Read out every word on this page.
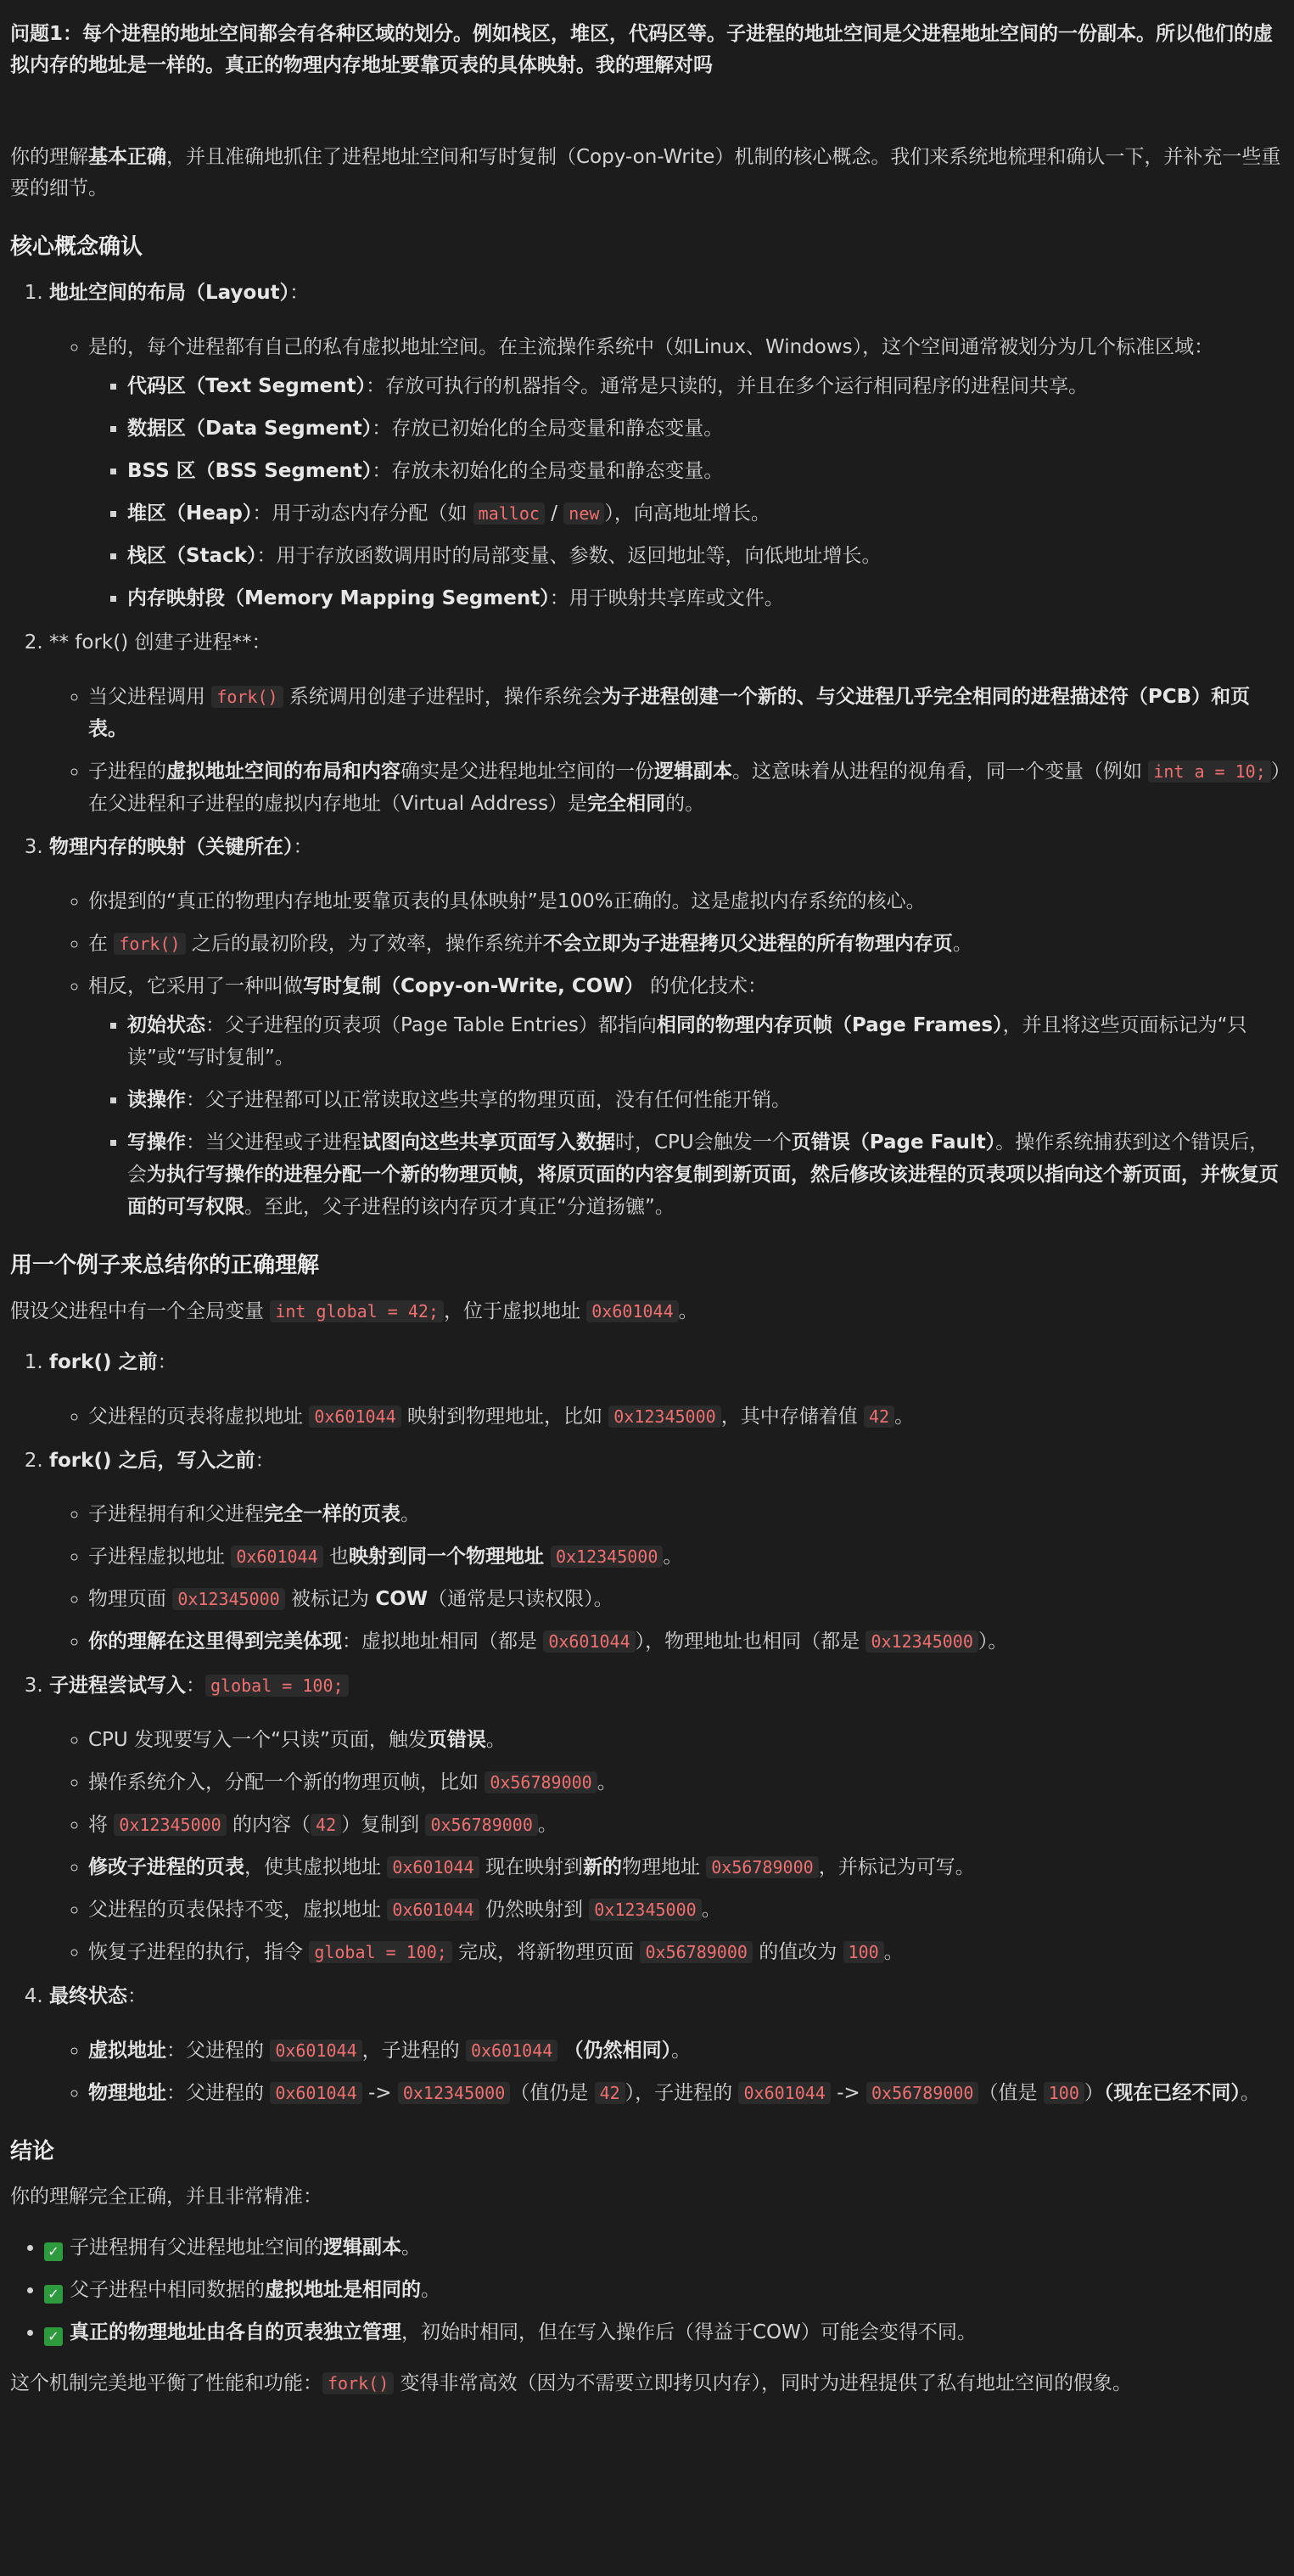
问题1：每个进程的地址空间都会有各种区域的划分。例如栈区，堆区，代码区等。子进程的地址空间是父进程地址空间的一份副本。所以他们的虚拟内存的地址是一样的。真正的物理内存地址要靠页表的具体映射。我的理解对吗

你的理解基本正确，并且准确地抓住了进程地址空间和写时复制（Copy-on-Write）机制的核心概念。我们来系统地梳理和确认一下，并补充一些重要的细节。

核心概念确认
1. 地址空间的布局（Layout）：
◦ 是的，每个进程都有自己的私有虚拟地址空间。在主流操作系统中（如Linux、Windows），这个空间通常被划分为几个标准区域：
▪ 代码区（Text Segment）：存放可执行的机器指令。通常是只读的，并且在多个运行相同程序的进程间共享。
▪ 数据区（Data Segment）：存放已初始化的全局变量和静态变量。
▪ BSS 区（BSS Segment）：存放未初始化的全局变量和静态变量。
▪ 堆区（Heap）：用于动态内存分配（如 malloc / new ），向高地址增长。
▪ 栈区（Stack）：用于存放函数调用时的局部变量、参数、返回地址等，向低地址增长。
▪ 内存映射段（Memory Mapping Segment）：用于映射共享库或文件。
2. ** fork() 创建子进程**：
◦ 当父进程调用 fork() 系统调用创建子进程时，操作系统会为子进程创建一个新的、与父进程几乎完全相同的进程描述符（PCB）和页表。
◦ 子进程的虚拟地址空间的布局和内容确实是父进程地址空间的一份逻辑副本。这意味着从进程的视角看，同一个变量（例如 int a = 10; ）在父进程和子进程的虚拟内存地址（Virtual Address）是完全相同的。
3. 物理内存的映射（关键所在）：
◦ 你提到的“真正的物理内存地址要靠页表的具体映射”是100%正确的。这是虚拟内存系统的核心。
◦ 在 fork() 之后的最初阶段，为了效率，操作系统并不会立即为子进程拷贝父进程的所有物理内存页。
◦ 相反，它采用了一种叫做写时复制（Copy-on-Write, COW） 的优化技术：
▪ 初始状态：父子进程的页表项（Page Table Entries）都指向相同的物理内存页帧（Page Frames），并且将这些页面标记为“只读”或“写时复制”。
▪ 读操作：父子进程都可以正常读取这些共享的物理页面，没有任何性能开销。
▪ 写操作：当父进程或子进程试图向这些共享页面写入数据时，CPU会触发一个页错误（Page Fault）。操作系统捕获到这个错误后，会为执行写操作的进程分配一个新的物理页帧，将原页面的内容复制到新页面，然后修改该进程的页表项以指向这个新页面，并恢复页面的可写权限。至此，父子进程的该内存页才真正“分道扬镳”。
用一个例子来总结你的正确理解

假设父进程中有一个全局变量 int global = 42; ，位于虚拟地址 0x601044 。

1. fork() 之前：
◦ 父进程的页表将虚拟地址 0x601044 映射到物理地址，比如 0x12345000 ，其中存储着值 42 。
2. fork() 之后，写入之前：
◦ 子进程拥有和父进程完全一样的页表。
◦ 子进程虚拟地址 0x601044 也映射到同一个物理地址 0x12345000 。
◦ 物理页面 0x12345000 被标记为 COW（通常是只读权限）。
◦ 你的理解在这里得到完美体现：虚拟地址相同（都是 0x601044 ），物理地址也相同（都是 0x12345000 ）。
3. 子进程尝试写入： global = 100;
◦ CPU 发现要写入一个“只读”页面，触发页错误。
◦ 操作系统介入，分配一个新的物理页帧，比如 0x56789000 。
◦ 将 0x12345000 的内容（ 42 ）复制到 0x56789000 。
◦ 修改子进程的页表，使其虚拟地址 0x601044 现在映射到新的物理地址 0x56789000 ，并标记为可写。
◦ 父进程的页表保持不变，虚拟地址 0x601044 仍然映射到 0x12345000 。
◦ 恢复子进程的执行，指令 global = 100; 完成，将新物理页面 0x56789000 的值改为 100 。
4. 最终状态：
◦ 虚拟地址：父进程的 0x601044 ，子进程的 0x601044 （仍然相同）。
◦ 物理地址：父进程的 0x601044 -> 0x12345000 （值仍是 42 ），子进程的 0x601044 -> 0x56789000 （值是 100 ）（现在已经不同）。
结论

你的理解完全正确，并且非常精准：

• ✓ 子进程拥有父进程地址空间的逻辑副本。
• ✓ 父子进程中相同数据的虚拟地址是相同的。
• ✓ 真正的物理地址由各自的页表独立管理，初始时相同，但在写入操作后（得益于COW）可能会变得不同。

这个机制完美地平衡了性能和功能： fork() 变得非常高效（因为不需要立即拷贝内存），同时为进程提供了私有地址空间的假象。
